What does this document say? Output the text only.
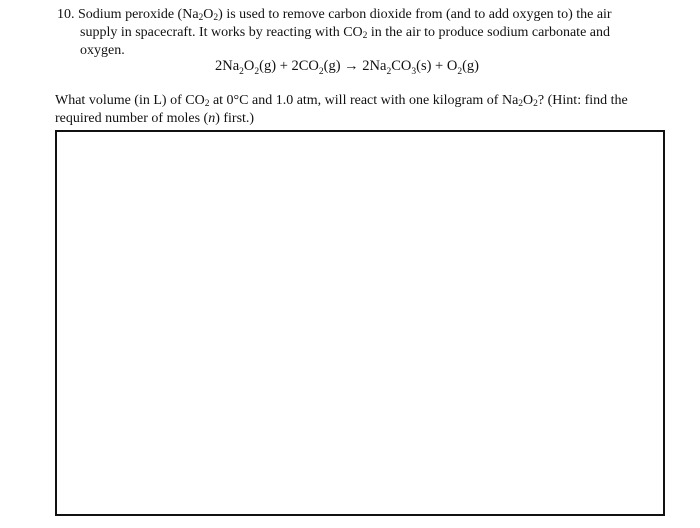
10. Sodium peroxide $(Na_2O_2)$ is used to remove carbon dioxide from (and to add oxygen to) the air
supply in spacecraft. It works by reacting with $CO_2$ in the air to produce sodium carbonate and
oxygen.
$2Na_2O_2(g) + 2CO_2(g) \to 2Na_2CO_3(s) + O_2(g)$
What volume (in L) of $CO_2$ at 0°C and 1.0 atm, will react with one kilogram of $Na_2O_2$? (Hint: find the
required number of moles (n) first.)
